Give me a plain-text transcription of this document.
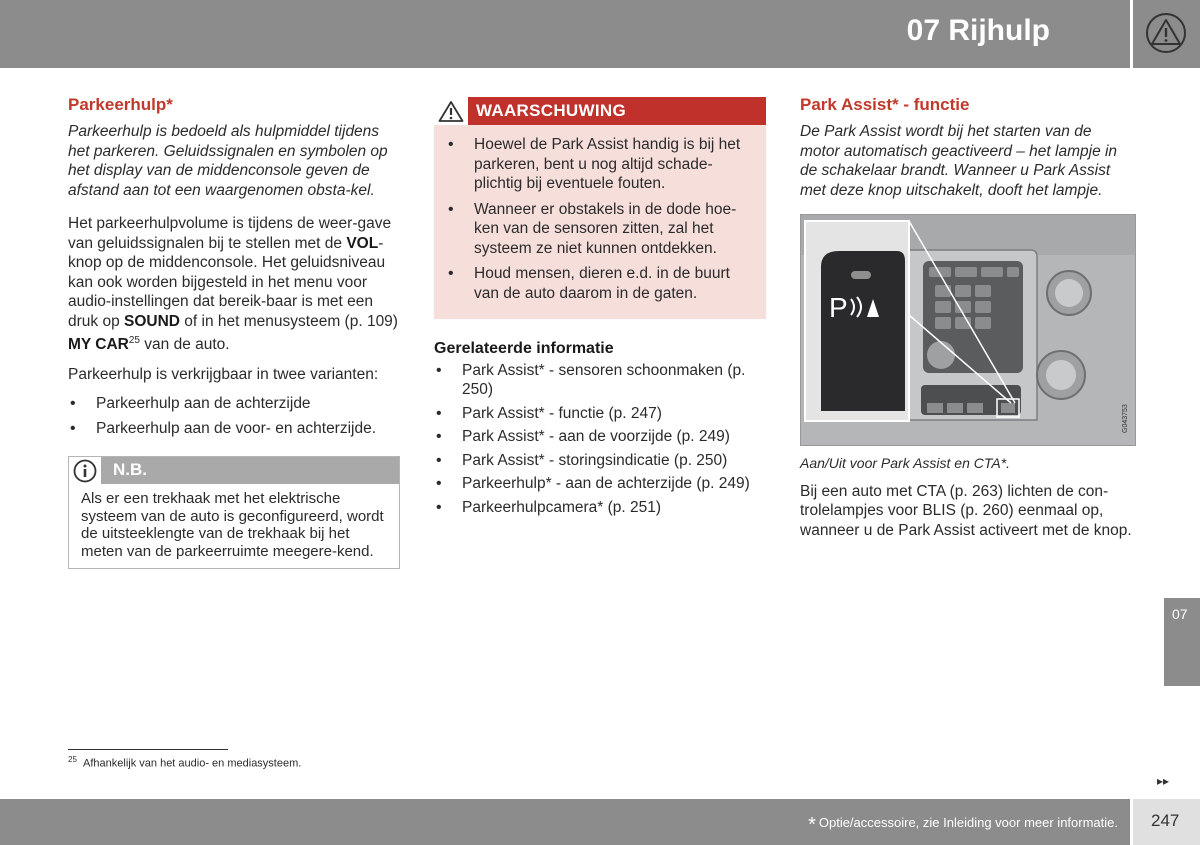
07 Rijhulp
Parkeerhulp*

Parkeerhulp is bedoeld als hulpmiddel tijdens het parkeren. Geluidssignalen en symbolen op het display van de middenconsole geven de afstand aan tot een waargenomen obsta-kel.

Het parkeerhulpvolume is tijdens de weer-gave van geluidssignalen bij te stellen met de VOL-knop op de middenconsole. Het geluidsniveau kan ook worden bijgesteld in het menu voor audio-instellingen dat bereik-baar is met een druk op SOUND of in het menusysteem (p. 109) MY CAR$^{25}$ van de auto.

Parkeerhulp is verkrijgbaar in twee varianten:

• Parkeerhulp aan de achterzijde
• Parkeerhulp aan de voor- en achterzijde.
N.B.
Als er een trekhaak met het elektrische systeem van de auto is geconfigureerd, wordt de uitsteeklengte van de trekhaak bij het meten van de parkeerruimte meegere-kend.
WAARSCHUWING
• Hoewel de Park Assist handig is bij het parkeren, bent u nog altijd schade-plichtig bij eventuele fouten.
• Wanneer er obstakels in de dode hoe-ken van de sensoren zitten, zal het systeem ze niet kunnen ontdekken.
• Houd mensen, dieren e.d. in de buurt van de auto daarom in de gaten.
Gerelateerde informatie
• Park Assist* - sensoren schoonmaken (p. 250)
• Park Assist* - functie (p. 247)
• Park Assist* - aan de voorzijde (p. 249)
• Park Assist* - storingsindicatie (p. 250)
• Parkeerhulp* - aan de achterzijde (p. 249)
• Parkeerhulpcamera* (p. 251)
Park Assist* - functie

De Park Assist wordt bij het starten van de motor automatisch geactiveerd – het lampje in de schakelaar brandt. Wanneer u Park Assist met deze knop uitschakelt, dooft het lampje.

P
G043753

Aan/Uit voor Park Assist en CTA*.

Bij een auto met CTA (p. 263) lichten de con-trolelampjes voor BLIS (p. 260) eenmaal op, wanneer u de Park Assist activeert met de knop.

$^{25}$ Afhankelijk van het audio- en mediasysteem.
07
▸▸
* Optie/accessoire, zie Inleiding voor meer informatie. 247
